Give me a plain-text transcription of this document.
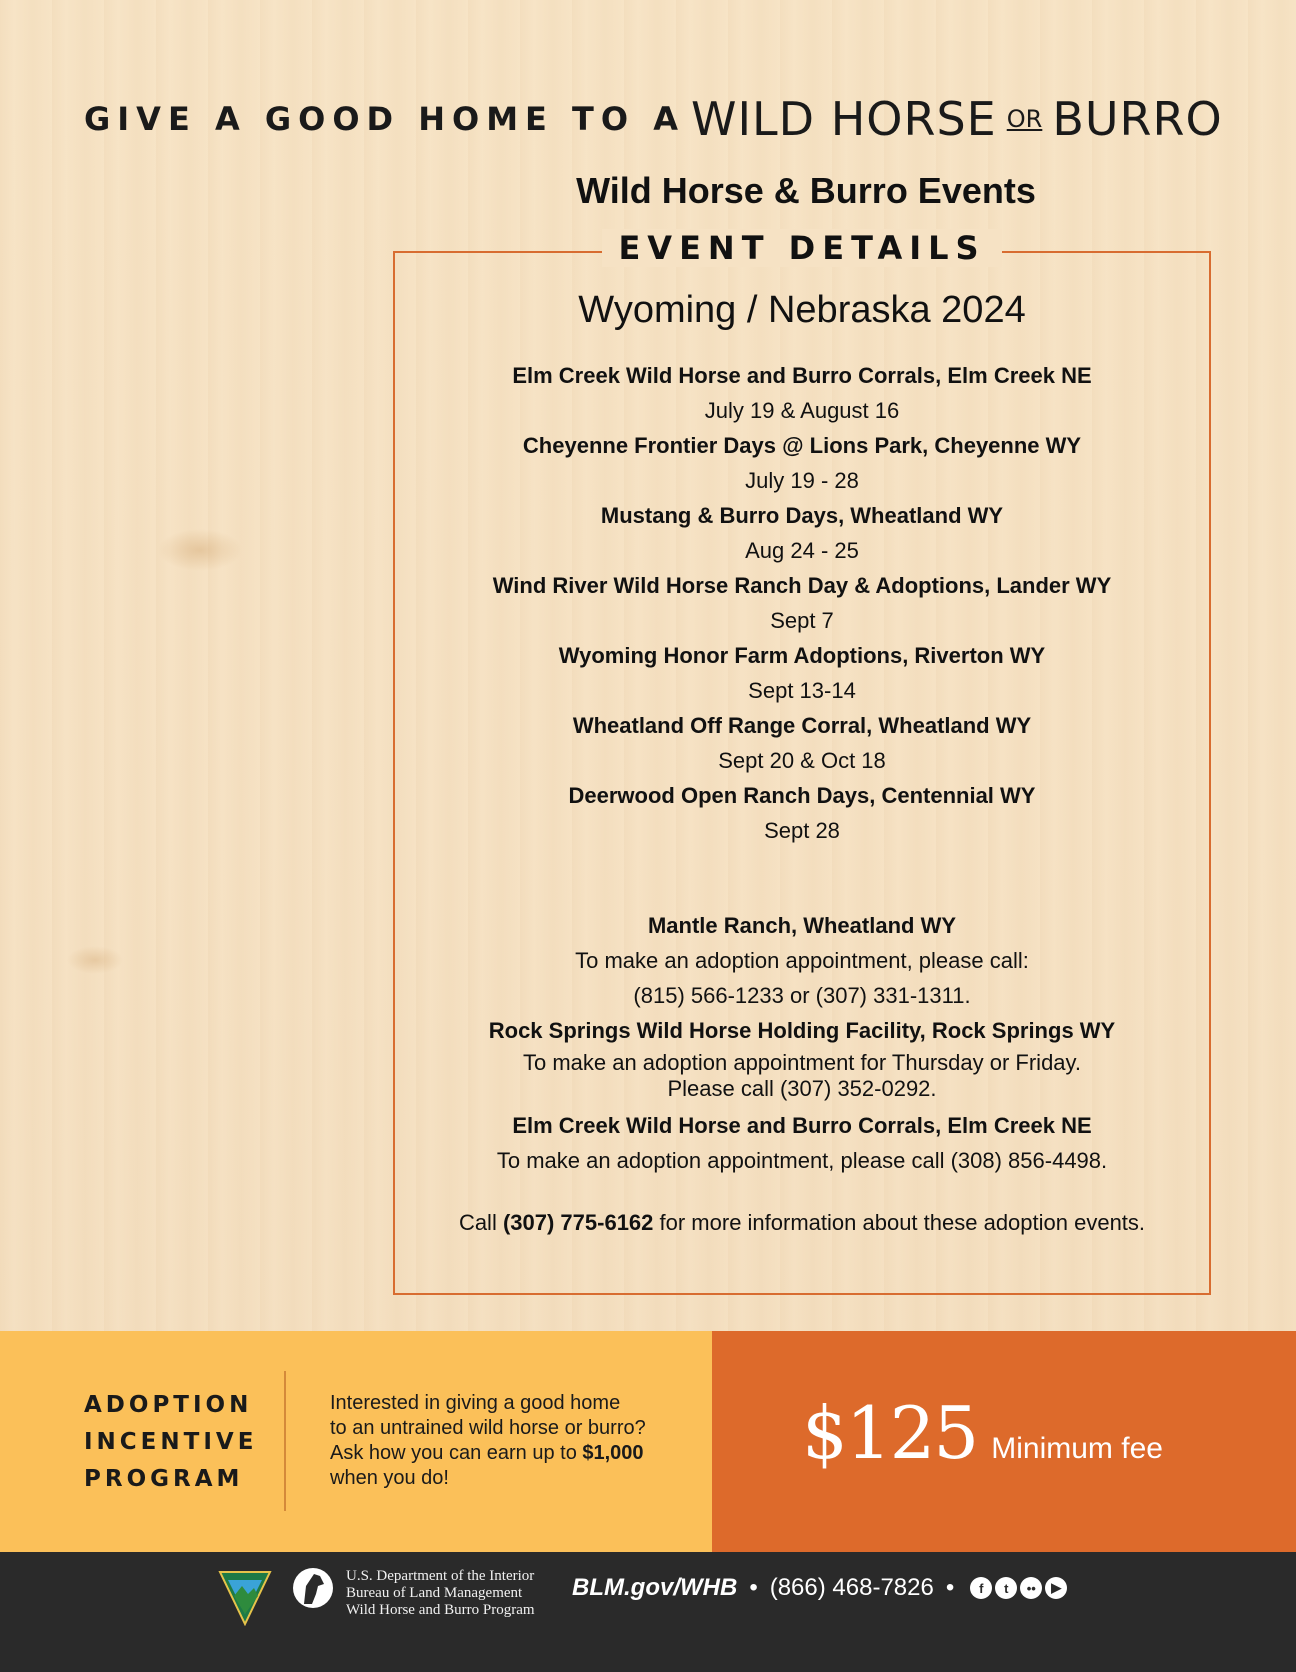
GIVE A GOOD HOME TO A WILD HORSE OR BURRO
Wild Horse & Burro Events
EVENT DETAILS
Wyoming / Nebraska 2024
Elm Creek Wild Horse and Burro Corrals, Elm Creek NE
July 19 & August 16
Cheyenne Frontier Days @ Lions Park, Cheyenne WY
July 19 - 28
Mustang & Burro Days, Wheatland WY
Aug 24 - 25
Wind River Wild Horse Ranch Day & Adoptions, Lander WY
Sept 7
Wyoming Honor Farm Adoptions, Riverton WY
Sept 13-14
Wheatland Off Range Corral, Wheatland WY
Sept 20 & Oct 18
Deerwood Open Ranch Days, Centennial WY
Sept 28
Mantle Ranch, Wheatland WY
To make an adoption appointment, please call:
(815) 566-1233 or (307) 331-1311.
Rock Springs Wild Horse Holding Facility, Rock Springs WY
To make an adoption appointment for Thursday or Friday.
Please call (307) 352-0292.
Elm Creek Wild Horse and Burro Corrals, Elm Creek NE
To make an adoption appointment, please call (308) 856-4498.
Call (307) 775-6162 for more information about these adoption events.
ADOPTION
INCENTIVE
PROGRAM
Interested in giving a good home
to an untrained wild horse or burro?
Ask how you can earn up to $1,000
when you do!
$125 Minimum fee
U.S. Department of the Interior
Bureau of Land Management
Wild Horse and Burro Program
BLM.gov/WHB • (866) 468-7826 •	f	t	••	▶
